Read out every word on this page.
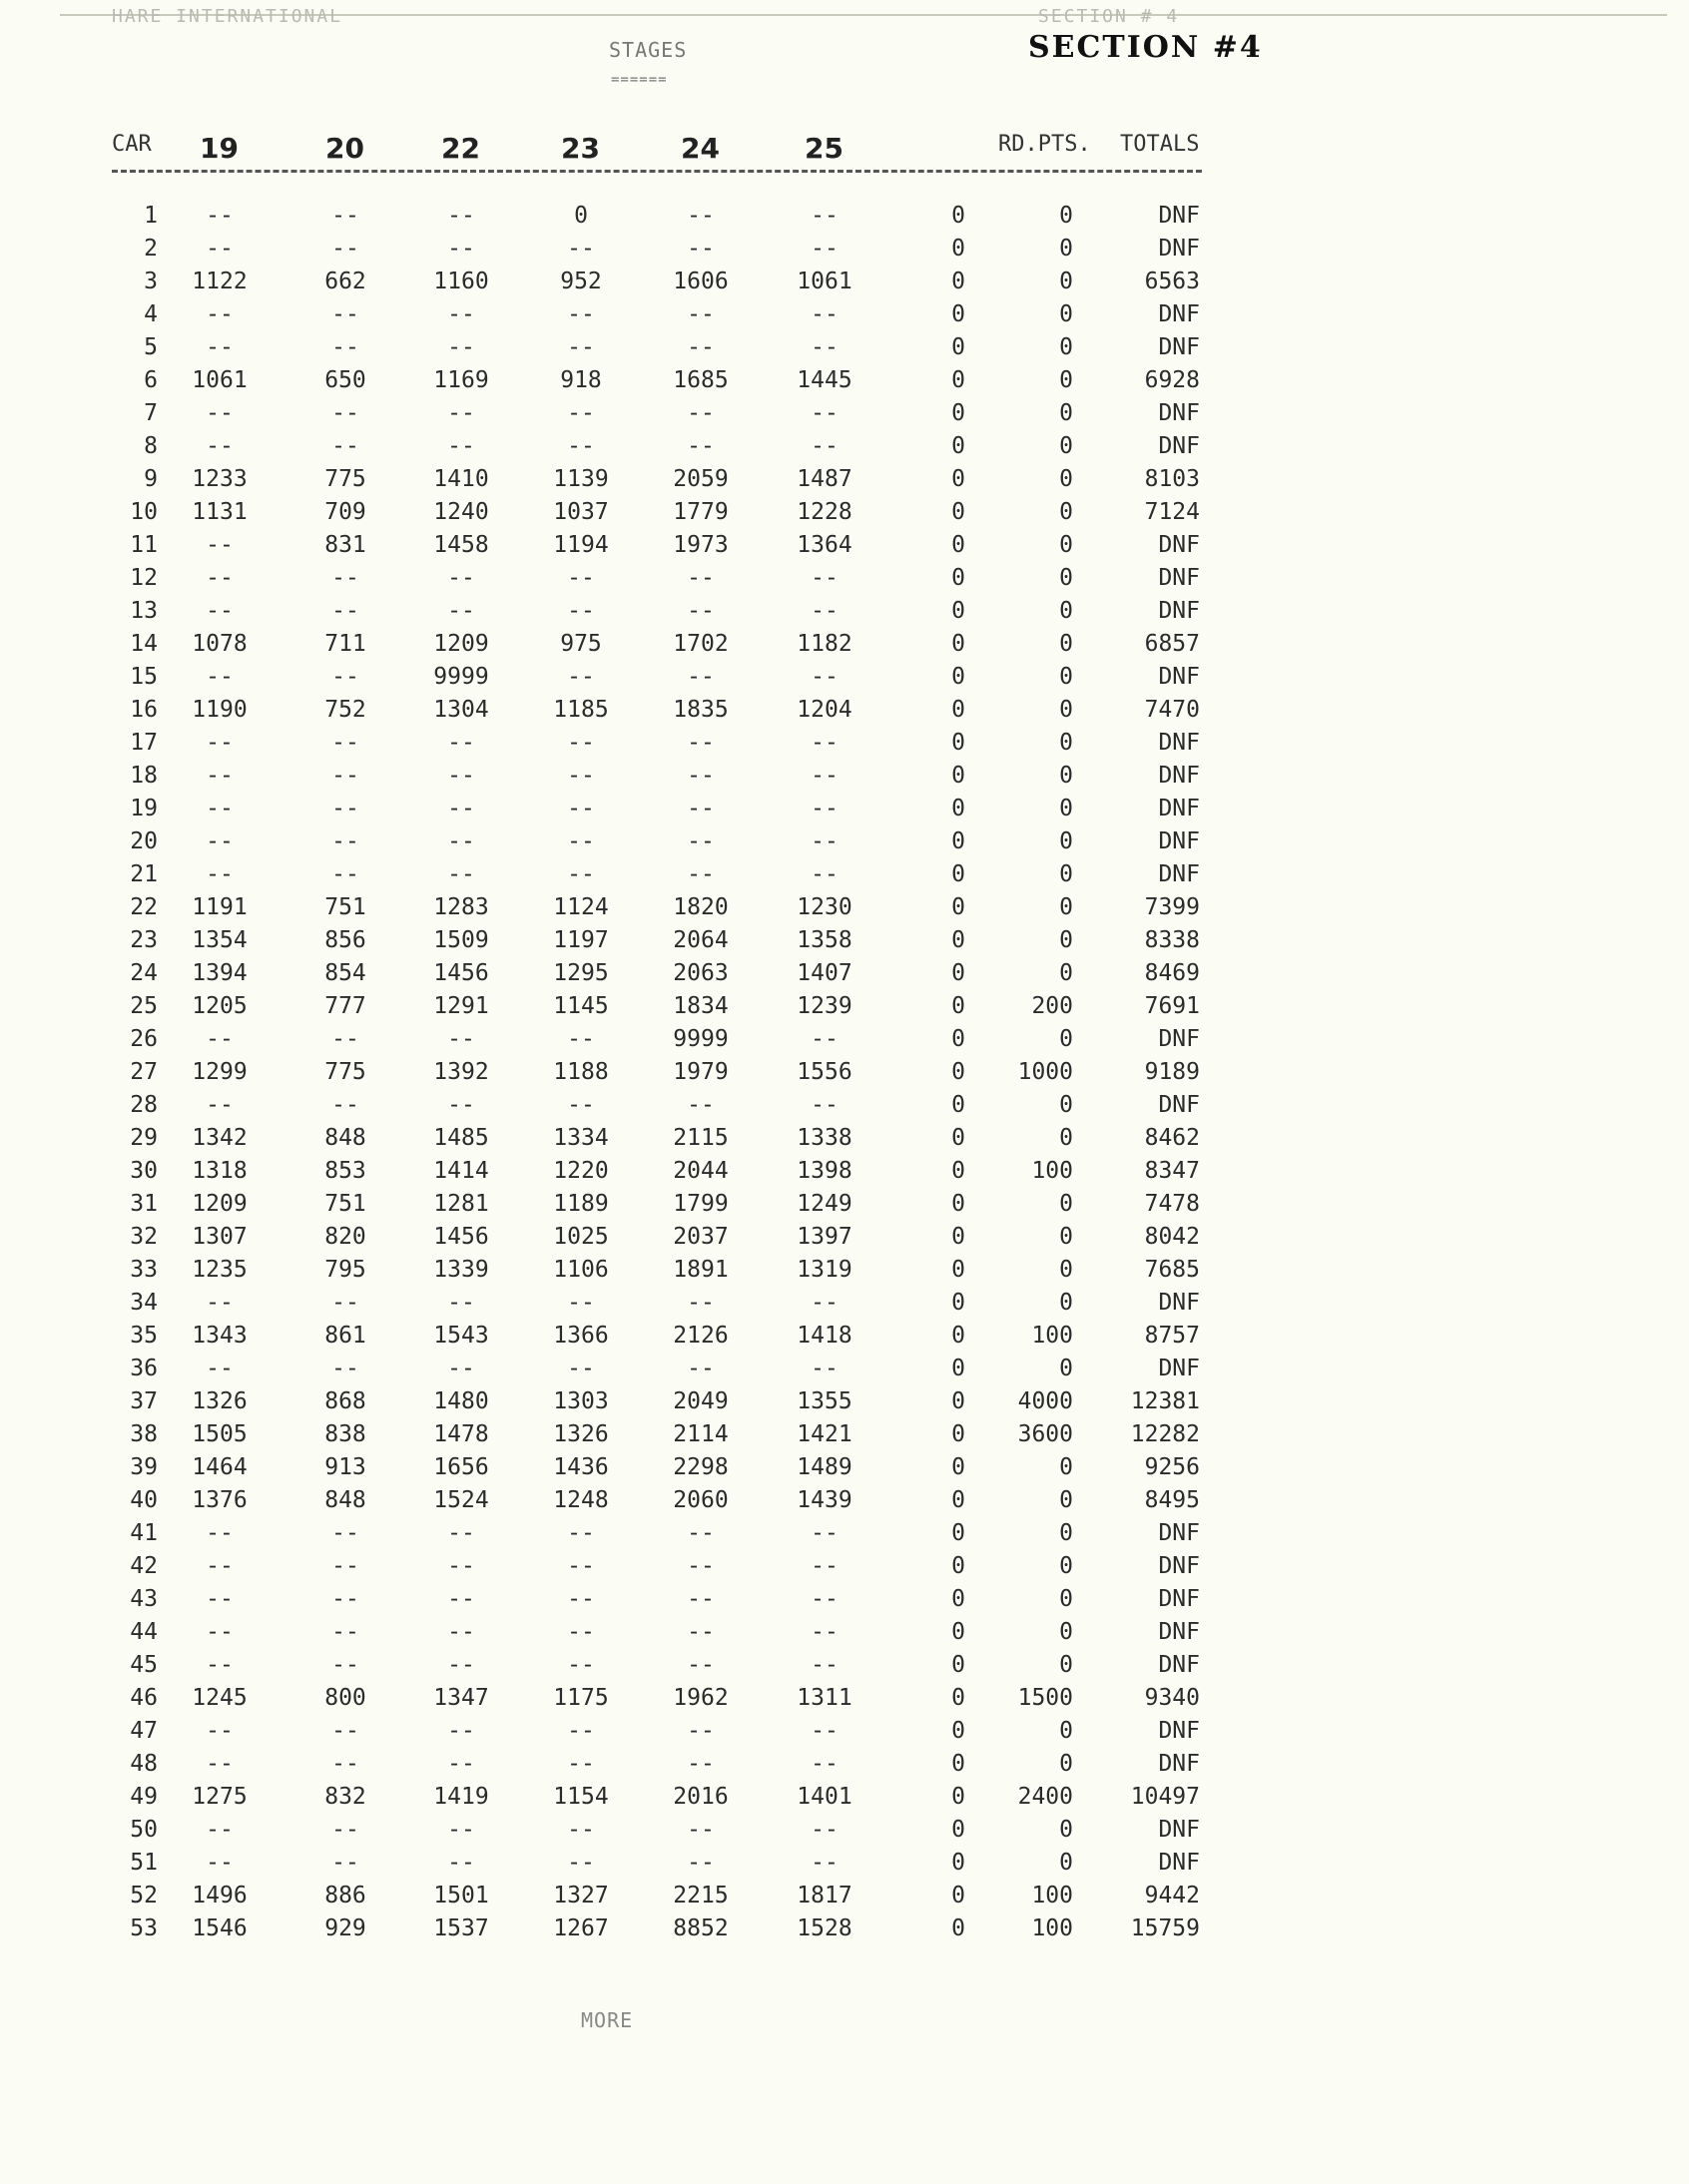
HARE INTERNATIONAL	SECTION # 4
SECTION #4
STAGES
======
CAR 19	20	22	23	24	25	RD.PTS. TOTALS
1	--	--	--	0	--	--	0	0	DNF
2	--	--	--	--	--	--	0	0	DNF
3	1122	662	1160	952	1606	1061	0	0	6563
4	--	--	--	--	--	--	0	0	DNF
5	--	--	--	--	--	--	0	0	DNF
6	1061	650	1169	918	1685	1445	0	0	6928
7	--	--	--	--	--	--	0	0	DNF
8	--	--	--	--	--	--	0	0	DNF
9	1233	775	1410	1139	2059	1487	0	0	8103
10	1131	709	1240	1037	1779	1228	0	0	7124
11	--	831	1458	1194	1973	1364	0	0	DNF
12	--	--	--	--	--	--	0	0	DNF
13	--	--	--	--	--	--	0	0	DNF
14	1078	711	1209	975	1702	1182	0	0	6857
15	--	--	9999	--	--	--	0	0	DNF
16	1190	752	1304	1185	1835	1204	0	0	7470
17	--	--	--	--	--	--	0	0	DNF
18	--	--	--	--	--	--	0	0	DNF
19	--	--	--	--	--	--	0	0	DNF
20	--	--	--	--	--	--	0	0	DNF
21	--	--	--	--	--	--	0	0	DNF
22	1191	751	1283	1124	1820	1230	0	0	7399
23	1354	856	1509	1197	2064	1358	0	0	8338
24	1394	854	1456	1295	2063	1407	0	0	8469
25	1205	777	1291	1145	1834	1239	0	200	7691
26	--	--	--	--	9999	--	0	0	DNF
27	1299	775	1392	1188	1979	1556	0	1000	9189
28	--	--	--	--	--	--	0	0	DNF
29	1342	848	1485	1334	2115	1338	0	0	8462
30	1318	853	1414	1220	2044	1398	0	100	8347
31	1209	751	1281	1189	1799	1249	0	0	7478
32	1307	820	1456	1025	2037	1397	0	0	8042
33	1235	795	1339	1106	1891	1319	0	0	7685
34	--	--	--	--	--	--	0	0	DNF
35	1343	861	1543	1366	2126	1418	0	100	8757
36	--	--	--	--	--	--	0	0	DNF
37	1326	868	1480	1303	2049	1355	0	4000	12381
38	1505	838	1478	1326	2114	1421	0	3600	12282
39	1464	913	1656	1436	2298	1489	0	0	9256
40	1376	848	1524	1248	2060	1439	0	0	8495
41	--	--	--	--	--	--	0	0	DNF
42	--	--	--	--	--	--	0	0	DNF
43	--	--	--	--	--	--	0	0	DNF
44	--	--	--	--	--	--	0	0	DNF
45	--	--	--	--	--	--	0	0	DNF
46	1245	800	1347	1175	1962	1311	0	1500	9340
47	--	--	--	--	--	--	0	0	DNF
48	--	--	--	--	--	--	0	0	DNF
49	1275	832	1419	1154	2016	1401	0	2400	10497
50	--	--	--	--	--	--	0	0	DNF
51	--	--	--	--	--	--	0	0	DNF
52	1496	886	1501	1327	2215	1817	0	100	9442
53	1546	929	1537	1267	8852	1528	0	100	15759
MORE
